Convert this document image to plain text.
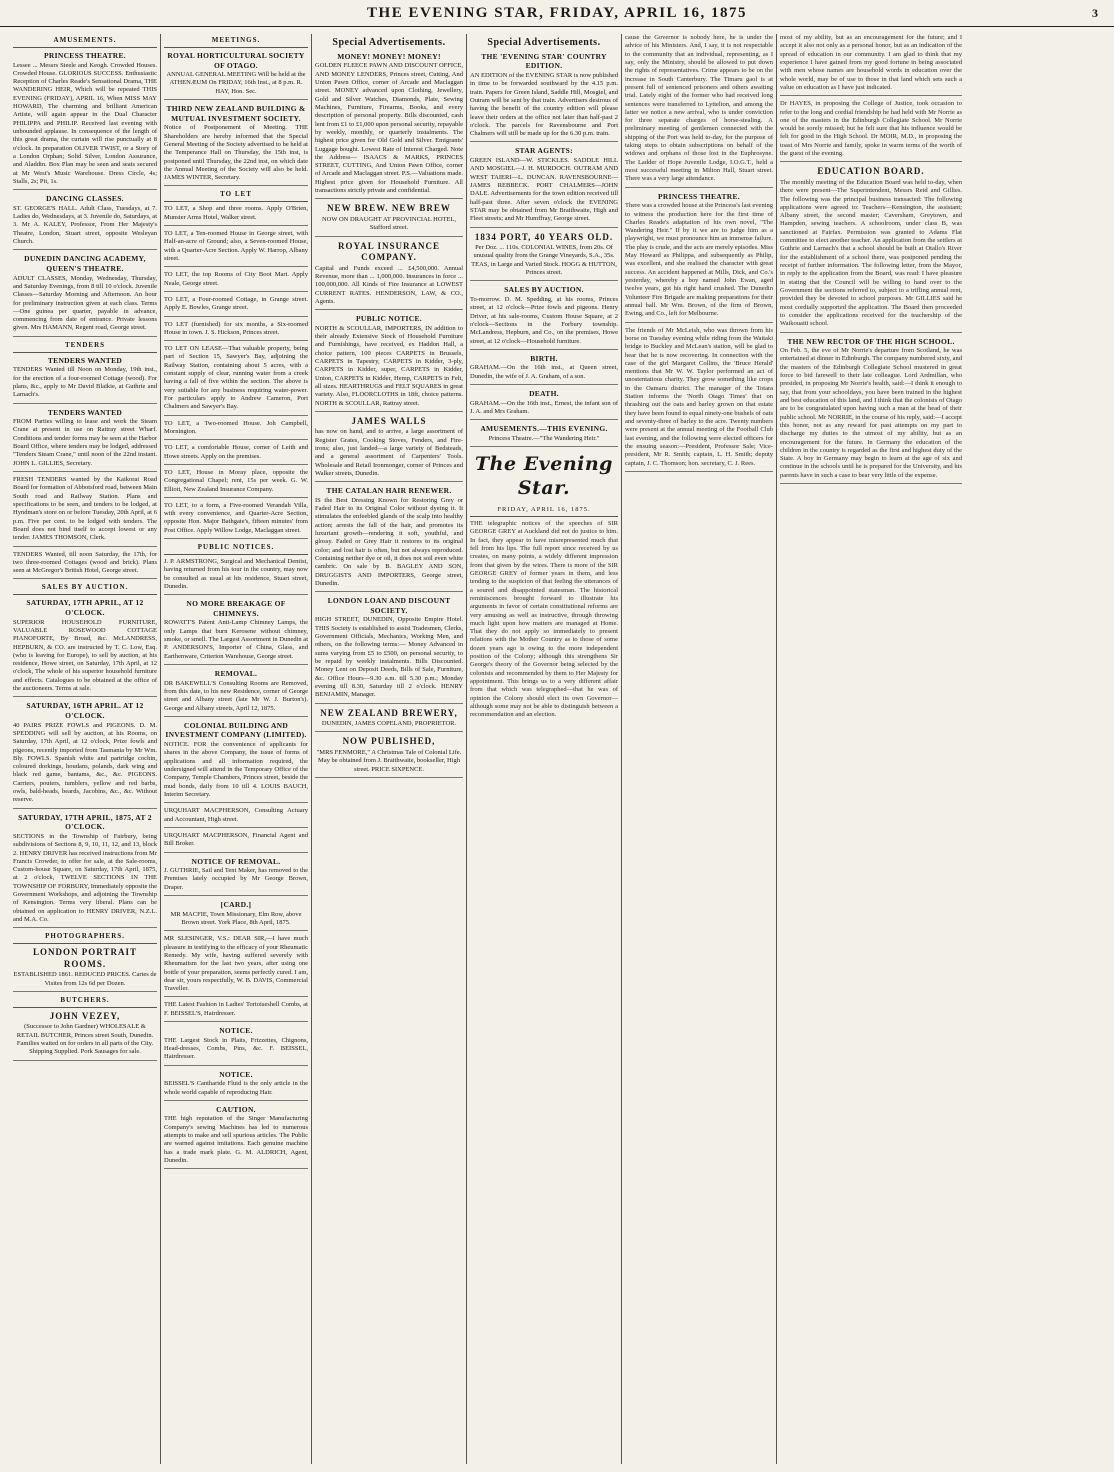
THE EVENING STAR, FRIDAY, APRIL 16, 1875	3
AMUSEMENTS.
PRINCESS THEATRE.
Lessee ... Messrs Steele and Keogh. Crowded Houses. Crowded House. GLORIOUS SUCCESS. Enthusiastic Reception of Charles Reade's Sensational Drama, THE WANDERING HEIR, Which will be repeated THIS EVENING (FRIDAY), APRIL 16, When MISS MAY HOWARD, The charming and brilliant American Artiste, will again appear in the Dual Character PHILIPPA and PHILIP. Received last evening with unbounded applause. In consequence of the length of this great drama, the curtain will rise punctually at 8 o'clock. In preparation OLIVER TWIST, or a Story of a London Orphan; Solid Silver, London Assurance, and Aladdin. Box Plan may be seen and seats secured at Mr West's Music Warehouse. Dress Circle, 4s; Stalls, 2s; Pit, 1s.
DANCING CLASSES.
ST. GEORGE'S HALL. Adult Class, Tuesdays, at 7. Ladies do, Wednesdays, at 3. Juvenile do, Saturdays, at 3. Mr A. KALEY, Professor, From Her Majesty's Theatre, London, Stuart street, opposite Wesleyan Church.
DUNEDIN DANCING ACADEMY, QUEEN'S THEATRE.
ADULT CLASSES, Monday, Wednesday, Thursday, and Saturday Evenings, from 8 till 10 o'clock. Juvenile Classes—Saturday Morning and Afternoon. An hour for preliminary instruction given at each class. Terms—One guinea per quarter, payable in advance, commencing from date of entrance. Private lessons given. Mrs HAMANN, Regent road, George street.
TENDERS
TENDERS WANTED
TENDERS Wanted till Noon on Monday, 19th inst., for the erection of a four-roomed Cottage (wood). For plans, &c., apply to Mr David Blaikie, at Guthrie and Larnach's.
TENDERS WANTED
FROM Parties willing to lease and work the Steam Crane at present in use on Rattray street Wharf. Conditions and tender forms may be seen at the Harbor Board Office, where tenders may be lodged, addressed "Tenders Steam Crane," until noon of the 22nd instant. JOHN L. GILLIES, Secretary.
FRESH TENDERS wanted by the Kaikorai Road Board for formation of Abbotsford road, between Main South road and Railway Station. Plans and specifications to be seen, and tenders to be lodged, at Hyndman's store on or before Tuesday, 20th April, at 6 p.m. Five per cent. to be lodged with tenders. The Board does not bind itself to accept lowest or any tender. JAMES THOMSON, Clerk.
TENDERS Wanted, till noon Saturday, the 17th, for two three-roomed Cottages (wood and brick). Plans seen at McGregor's British Hotel, George street.
SALES BY AUCTION.
SATURDAY, 17TH APRIL, AT 12 O'CLOCK.
SUPERIOR HOUSEHOLD FURNITURE, VALUABLE ROSEWOOD COTTAGE PIANOFORTE, By Broad, &c. McLANDRESS, HEPBURN, & CO. are instructed by T. C. Low, Esq. (who is leaving for Europe), to sell by auction, at his residence, Howe street, on Saturday, 17th April, at 12 o'clock, The whole of his superior household furniture and effects. Catalogues to be obtained at the office of the auctioneers. Terms at sale.
SATURDAY, 16TH APRIL. AT 12 O'CLOCK.
40 PAIRS PRIZE FOWLS and PIGEONS. D. M. SPEDDING will sell by auction, at his Rooms, on Saturday, 17th April, at 12 o'clock, Prize fowls and pigeons, recently imported from Tasmania by Mr Wm. Bly. FOWLS. Spanish white and partridge cochin, coloured dorkings, houdans, polands, dark wing and black red game, bantams, &c., &c. PIGEONS. Carriers, pouters, tumblers, yellow and red barbs, owls, bald-heads, beards, Jacobins, &c., &c. Without reserve.
SATURDAY, 17TH APRIL, 1875, AT 2 O'CLOCK.
SECTIONS in the Township of Fairbury, being subdivisions of Sections 8, 9, 10, 11, 12, and 13, block 2. HENRY DRIVER has received instructions from Mr Francis Crowder, to offer for sale, at the Sale-rooms, Custom-house Square, on Saturday, 17th April, 1875, at 2 o'clock, TWELVE SECTIONS IN THE TOWNSHIP OF FORBURY, Immediately opposite the Government Workshops, and adjoining the Township of Kensington. Terms very liberal. Plans can be obtained on application to HENRY DRIVER, N.Z.L. and M.A. Co.
PHOTOGRAPHERS.
LONDON PORTRAIT ROOMS.
ESTABLISHED 1861. REDUCED PRICES. Cartes de Visites from 12s 6d per Dozen.
BUTCHERS.
JOHN VEZEY,
(Successor to John Gardner) WHOLESALE & RETAIL BUTCHER, Princes street South, Dunedin. Families waited on for orders in all parts of the City. Shipping Supplied. Pork Sausages for sale.
MEETINGS.
ROYAL HORTICULTURAL SOCIETY OF OTAGO.
ANNUAL GENERAL MEETING Will be held at the ATHENÆUM On FRIDAY, 16th Inst., at 8 p.m. R. HAY, Hon. Sec.
THIRD NEW ZEALAND BUILDING & MUTUAL INVESTMENT SOCIETY.
Notice of Postponement of Meeting. THE Shareholders are hereby informed that the Special General Meeting of the Society advertised to be held at the Temperance Hall on Thursday, the 15th inst, is postponed until Thursday, the 22nd inst, on which date the Annual Meeting of the Society will also be held. JAMES WINTER, Secretary.
TO LET
TO LET, a Shop and three rooms. Apply O'Brien, Munster Arms Hotel, Walker street.
TO LET, a Ten-roomed House in George street, with Half-an-acre of Ground; also, a Seven-roomed House, with a Quarter-Acre Section. Apply W. Harrop, Albany street.
TO LET, the top Rooms of City Boot Mart. Apply Neale, George street.
TO LET, a Four-roomed Cottage, in Grange street. Apply E. Bowles, Grange street.
TO LET (furnished) for six months, a Six-roomed House in town. J. S. Hickson, Princes street.
TO LET ON LEASE—That valuable property, being part of Section 15, Sawyer's Bay, adjoining the Railway Station, containing about 5 acres, with a constant supply of clear, running water from a creek having a fall of five within the section. The above is very suitable for any business requiring water-power. For particulars apply to Andrew Cameron, Port Chalmers and Sawyer's Bay.
TO LET, a Two-roomed House. Joh Campbell, Mornington.
TO LET, a comfortable House, corner of Leith and Howe streets. Apply on the premises.
TO LET, House in Moray place, opposite the Congregational Chapel; rent, 15s per week. G. W. Elliott, New Zealand Insurance Company.
TO LET, to a form, a Five-roomed Verandah Villa, with every convenience, and Quarter-Acre Section, opposite Hon. Major Bathgate's, fifteen minutes' from Post Office. Apply Willow Lodge, Maclaggan street.
PUBLIC NOTICES.
J. P. ARMSTRONG, Surgical and Mechanical Dentist, having returned from his tour in the country, may now be consulted as usual at his residence, Stuart street, Dunedin.
NO MORE BREAKAGE OF CHIMNEYS.
ROWATT'S Patent Anti-Lamp Chimney Lamps, the only Lamps that burn Kerosene without chimney, smoke, or smell. The Largest Assortment in Dunedin at P. ANDERSON'S, Importer of China, Glass, and Earthenware, Criterion Warehouse, George street.
REMOVAL.
DR BAKEWELL'S Consulting Rooms are Removed, from this date, to his new Residence, corner of George street and Albany street (late Mr W. J. Burton's). George and Albany streets, April 12, 1875.
COLONIAL BUILDING AND INVESTMENT COMPANY (LIMITED).
NOTICE. FOR the convenience of applicants for shares in the above Company, the issue of forms of applications and all information required, the undersigned will attend in the Temporary Office of the Company, Temple Chambers, Princes street, beside the mud bonds, daily from 10 till 4. LOUIS BAUCH, Interim Secretary.
URQUHART MACPHERSON, Consulting Actuary and Accountant, High street.
URQUHART MACPHERSON, Financial Agent and Bill Broker.
NOTICE OF REMOVAL.
J. GUTHRIE, Sail and Tent Maker, has removed to the Premises lately occupied by Mr George Brown, Draper.
[CARD.]
MR MACFIE, Town Missionary, Elm Row, above Brown street. York Place, 8th April, 1875.
MR SLESINGER, V.S.: DEAR SIR,—I have much pleasure in testifying to the efficacy of your Rheumatic Remedy. My wife, having suffered severely with Rheumatism for the last two years, after using one bottle of your preparation, seems perfectly cured. I am, dear sir, yours respectfully, W. B. DAVIS, Commercial Traveller.
THE Latest Fashion in Ladies' Tortoiseshell Combs, at F. BEISSEL'S, Hairdresser.
NOTICE.
THE Largest Stock in Plaits, Frizzettes, Chignons, Head-dresses, Combs, Pins, &c. F. BEISSEL, Hairdresser.
NOTICE.
BEISSEL'S Cantharide Fluid is the only article in the whole world capable of reproducing Hair.
CAUTION.
THE high reputation of the Singer Manufacturing Company's sewing Machines has led to numerous attempts to make and sell spurious articles. The Public are warned against imitations. Each genuine machine has a trade mark plate. G. M. ALDRICH, Agent, Dunedin.
Special Advertisements.
MONEY! MONEY! MONEY!
GOLDEN FLEECE PAWN AND DISCOUNT OFFICE, AND MONEY LENDERS, Princes street, Cutting, And Union Pawn Office, corner of Arcade and Maclaggan street. MONEY advanced upon Clothing, Jewellery, Gold and Silver Watches, Diamonds, Plate, Sewing Machines, Furniture, Firearms, Books, and every description of personal property. Bills discounted, cash lent from £1 to £1,000 upon personal security, repayable by weekly, monthly, or quarterly instalments. The highest price given for Old Gold and Silver. Emigrants' Luggage bought. Lowest Rate of Interest Charged. Note the Address— ISAACS & MARKS, PRINCES STREET, CUTTING, And Union Pawn Office, corner of Arcade and Maclaggan street. P.S.—Valuations made. Highest price given for Household Furniture. All transactions strictly private and confidential.
NEW BREW. NEW BREW
NOW ON DRAUGHT AT PROVINCIAL HOTEL, Stafford street.
ROYAL INSURANCE COMPANY.
Capital and Funds exceed ... £4,500,000. Annual Revenue, more than ... 1,000,000. Insurances in force ... 100,000,000. All Kinds of Fire Insurance at LOWEST CURRENT RATES. HENDERSON, LAW, & CO., Agents.
PUBLIC NOTICE.
NORTH & SCOULLAR, IMPORTERS, IN addition to their already Extensive Stock of Household Furniture and Furnishings, have received, ex Haddon Hall, a choice pattern, 100 pieces CARPETS in Brussels, CARPETS in Tapestry, CARPETS in Kidder, 3-ply, CARPETS in Kidder, super, CARPETS in Kidder, Union, CARPETS in Kidder, Hemp, CARPETS in Felt, all sizes. HEARTHRUGS and FELT SQUARES in great variety. Also, FLOORCLOTHS in 18ft, choice patterns. NORTH & SCOULLAR, Rattray street.
JAMES WALLS
has now on hand, and to arrive, a large assortment of Register Grates, Cooking Stoves, Fenders, and Fire-irons; also, just landed—a large variety of Bedsteads, and a general assortment of Carpenters' Tools. Wholesale and Retail Ironmonger, corner of Princes and Walker streets, Dunedin.
THE CATALAN HAIR RENEWER.
IS the Best Dressing Known for Restoring Grey or Faded Hair to its Original Color without dyeing it. It stimulates the enfeebled glands of the scalp into healthy action; arrests the fall of the hair, and promotes its luxuriant growth—rendering it soft, youthful, and glossy. Faded or Grey Hair it restores to its original color; and lost hair is often, but not always reproduced. Containing neither dye or oil, it does not soil even white cambric. On sale by B. BAGLEY AND SON, DRUGGISTS AND IMPORTERS, George street, Dunedin.
LONDON LOAN AND DISCOUNT SOCIETY.
HIGH STREET, DUNEDIN, Opposite Empire Hotel. THIS Society is established to assist Tradesmen, Clerks, Government Officials, Mechanics, Working Men, and others, on the following terms:— Money Advanced in sums varying from £5 to £500, on personal security, to be repaid by weekly instalments. Bills Discounted. Money Lent on Deposit Deeds, Bills of Sale, Furniture, &c. Office Hours—9.30 a.m. till 5.30 p.m.; Monday evening till 8.30, Saturday till 2 o'clock. HENRY BENJAMIN, Manager.
NEW ZEALAND BREWERY,
DUNEDIN, JAMES COPELAND, PROPRIETOR.
NOW PUBLISHED,
"MRS FENMORE," A Christmas Tale of Colonial Life. May be obtained from J. Braithwaite, bookseller, High street. PRICE SIXPENCE.
Special Advertisements.
THE 'EVENING STAR' COUNTRY EDITION.
AN EDITION of the EVENING STAR is now published in time to be forwarded southward by the 4.15 p.m. train. Papers for Green Island, Saddle Hill, Mosgiel, and Outram will be sent by that train. Advertisers desirous of having the benefit of the country edition will please leave their orders at the office not later than half-past 2 o'clock. The parcels for Ravensbourne and Port Chalmers will still be made up for the 6.30 p.m. train.
STAR AGENTS:
GREEN ISLAND—W. STICKLES. SADDLE HILL AND MOSGIEL—J. H. MURDOCH. OUTRAM AND WEST TAIERI—L. DUNCAN. RAVENSBOURNE—JAMES REBBECK. PORT CHALMERS—JOHN DALE. Advertisements for the town edition received till half-past three. After seven o'clock the EVENING STAR may be obtained from Mr Braithwaite, High and Fleet streets; and Mr Humffray, George street.
1834 PORT, 40 YEARS OLD.
Per Doz. ... 110s. COLONIAL WINES, from 20s. Of unusual quality from the Grange Vineyards, S.A., 35s. TEAS, in Large and Varied Stock. HOGG & HUTTON, Princes street.
SALES BY AUCTION.
To-morrow. D. M. Spedding, at his rooms, Princes street, at 12 o'clock—Prize fowls and pigeons. Henry Driver, at his sale-rooms, Custom House Square, at 2 o'clock—Sections in the Forbury township. McLandress, Hepburn, and Co., on the premises, Howe street, at 12 o'clock—Household furniture.
BIRTH.
GRAHAM.—On the 16th inst., at Queen street, Dunedin, the wife of J. A. Graham, of a son.
DEATH.
GRAHAM.—On the 16th inst., Ernest, the infant son of J. A. and Mrs Graham.
AMUSEMENTS.—THIS EVENING.
Princess Theatre.—"The Wandering Heir."
The Evening Star.
FRIDAY, APRIL 16, 1875.
THE telegraphic notices of the speeches of SIR GEORGE GREY at Auckland did not do justice to him. In fact, they appear to have misrepresented much that fell from his lips. The full report since received by us creates, on many points, a widely different impression from that given by the wires. There is more of the SIR GEORGE GREY of former years in them, and less tending to the suspicion of that feeling the utterances of a soured and disappointed statesman. The historical reminiscences brought forward to illustrate his arguments in favor of certain constitutional reforms are very amusing as well as instructive, through throwing much light upon how matters are managed at Home. That they do not apply so immediately to present relations with the Mother Country as to those of some dozen years ago is owing to the more independent position of the Colony; although this strengthens Sir George's theory of the Governor being selected by the colonists and recommended by them to Her Majesty for appointment. This brings us to a very different affair from that which was telegraphed—that he was of opinion the Colony should elect its own Governor—although some may not be able to distinguish between a recommendation and an election.
cause the Governor is nobody here, he is under the advice of his Ministers. And, I say, it is not respectable to the community that an individual, representing, as I say, only the Ministry, should be allowed to put down the rights of representatives. Crime appears to be on the increase in South Canterbury. The Timaru gaol is at present full of sentenced prisoners and others awaiting trial. Lately eight of the former who had received long sentences were transferred to Lyttelton, and among the latter we notice a new arrival, who is under conviction for three separate charges of horse-stealing. A preliminary meeting of gentlemen connected with the shipping of the Port was held to-day, for the purpose of taking steps to obtain subscriptions on behalf of the widows and orphans of those lost in the Euphrosyne. The Ladder of Hope Juvenile Lodge, I.O.G.T., held a most successful meeting in Milton Hall, Stuart street. There was a very large attendance.
PRINCESS THEATRE.
There was a crowded house at the Princess's last evening to witness the production here for the first time of Charles Reade's adaptation of his own novel, "The Wandering Heir." If by it we are to judge him as a playwright, we must pronounce him an immense failure. The play is crude, and the acts are merely episodes. Miss May Howard as Philippa, and subsequently as Philip, was excellent, and she realised the character with great success. An accident happened at Mills, Dick, and Co.'s yesterday, whereby a boy named John Ewan, aged twelve years, got his right hand crushed. The Dunedin Volunteer Fire Brigade are making preparations for their annual ball. Mr Wm. Brown, of the firm of Brown, Ewing, and Co., left for Melbourne.
The friends of Mr McLeish, who was thrown from his horse on Tuesday evening while riding from the Waitaki bridge to Buckley and McLean's station, will be glad to hear that he is now recovering. In connection with the case of the girl Margaret Collins, the 'Bruce Herald' mentions that Mr W. W. Taylor performed an act of unostentatious charity. They grow something like crops in the Oamaru district. The manager of the Totara Station informs the 'North Otago Times' that on thrashing out the oats and barley grown on that estate they have been found to equal ninety-one bushels of oats and seventy-three of barley to the acre. Twenty numbers were present at the annual meeting of the Football Club last evening, and the following were elected officers for the ensuing season:—President, Professor Sale; Vice-president, Mr R. Smith; captain, L. H. Smith; deputy captain, J. C. Thomson; hon. secretary, C. J. Rees.
most of my ability, but as an encouragement for the future; and I accept it also not only as a personal honor, but as an indication of the spread of education in our community. I am glad to think that my experience I have gained from my good fortune in being associated with men whose names are household words in education over the whole world, may be of use to those in that land which sets such a value on education as I have just indicated.
Dr HAYES, in proposing the College of Justice, took occasion to refer to the long and cordial friendship he had held with Mr Norrie as one of the masters in the Edinburgh Collegiate School. Mr Norrie would be sorely missed; but he felt sure that his influence would be felt for good in the High School. Dr MOIR, M.D., in proposing the toast of Mrs Norrie and family, spoke in warm terms of the worth of the guest of the evening.
EDUCATION BOARD.
The monthly meeting of the Education Board was held to-day, when there were present—The Superintendent, Messrs Reid and Gillies. The following was the principal business transacted: The following applications were agreed to: Teachers—Kensington, the assistant; Albany street, the second master; Caversham, Greytown, and Hampden, sewing teachers. A schoolroom, under class B, was sanctioned at Fairfax. Permission was granted to Adams Flat committee to elect another teacher. An application from the settlers at Guthrie and Larnach's that a school should be built at Otallo's River for the establishment of a school there, was postponed pending the receipt of further information. The following letter, from the Mayor, in reply to the application from the Board, was read: I have pleasure in stating that the Council will be willing to hand over to the Government the sections referred to, subject to a trifling annual rent, provided they be devoted to school purposes. Mr GILLIES said he most cordially supported the application. The Board then proceeded to consider the applications received for the teachership of the Waikouaiti school.
THE NEW RECTOR OF THE HIGH SCHOOL.
On Feb. 5, the eve of Mr Norrie's departure from Scotland, he was entertained at dinner in Edinburgh. The company numbered sixty, and the masters of the Edinburgh Collegiate School mustered in great force to bid farewell to their late colleague. Lord Ardmillan, who presided, in proposing Mr Norrie's health, said:—I think it enough to say, that from your schooldays, you have been trained in the highest and best education of this land, and I think that the colonists of Otago are to be congratulated upon having such a man at the head of their public school. Mr NORRIE, in the course of his reply, said:—I accept this honor, not as any reward for past attempts on my part to discharge my duties to the utmost of my ability, but as an encouragement for the future. In Germany the education of the children in the country is regarded as the first and highest duty of the State. A boy in Germany may begin to learn at the age of six and continue in the schools until he is prepared for the University, and his parents have in such a case to bear very little of the expense.
